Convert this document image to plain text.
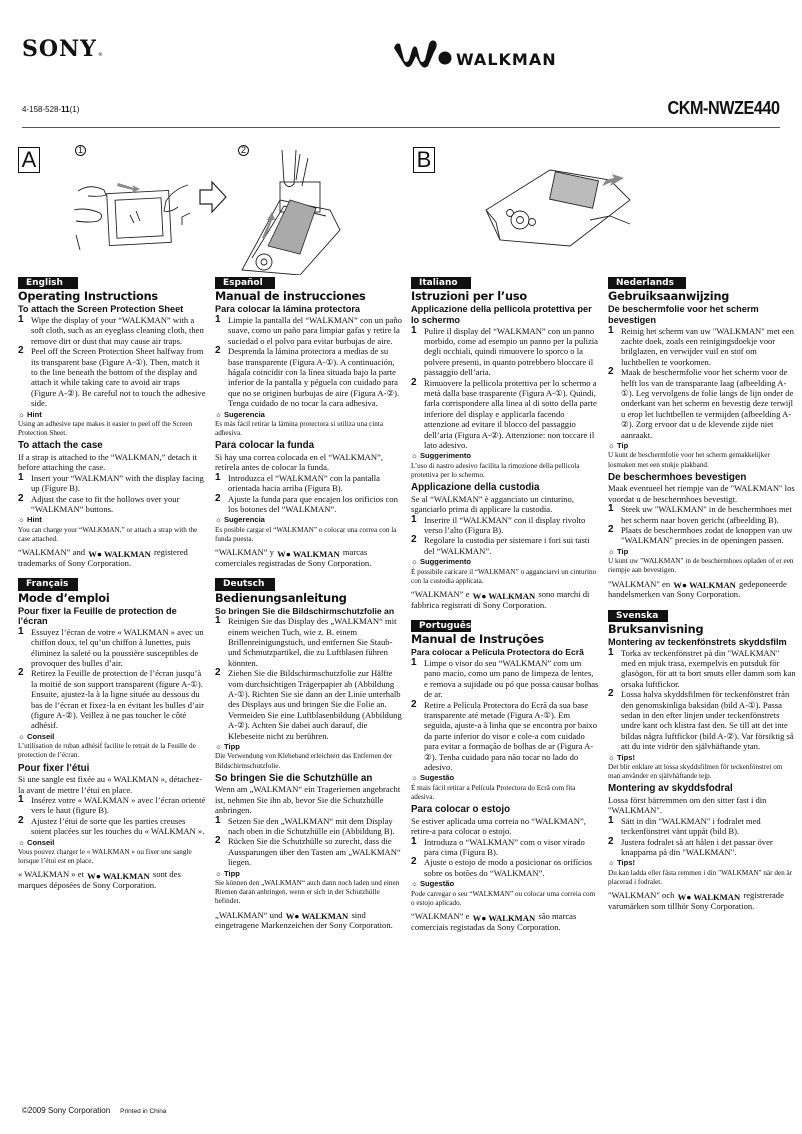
SONY®	WALKMAN
4-158-528-11(1)	CKM-NWZE440
A	1	2	B
English
Operating Instructions
To attach the Screen Protection Sheet
1 Wipe the display of your “WALKMAN” with a soft cloth, such as an eyeglass cleaning cloth, then remove dirt or dust that may cause air traps.
2 Peel off the Screen Protection Sheet halfway from its transparent base (Figure A-①). Then, match it to the line beneath the bottom of the display and attach it while taking care to avoid air traps (Figure A-②). Be careful not to touch the adhesive side.
☼ Hint
Using an adhesive tape makes it easier to peel off the Screen Protection Sheet.
To attach the case
If a strap is attached to the “WALKMAN,” detach it before attaching the case.
1 Insert your “WALKMAN” with the display facing up (Figure B).
2 Adjust the case to fit the hollows over your “WALKMAN” buttons.
☼ Hint
You can charge your “WALKMAN,” or attach a strap with the case attached.
“WALKMAN” and W● WALKMAN registered trademarks of Sony Corporation.
Français
Mode d’emploi
Pour fixer la Feuille de protection de l’écran
1 Essuyez l’écran de votre « WALKMAN » avec un chiffon doux, tel qu’un chiffon à lunettes, puis éliminez la saleté ou la poussière susceptibles de provoquer des bulles d’air.
2 Retirez la Feuille de protection de l’écran jusqu’à la moitié de son support transparent (figure A-①). Ensuite, ajustez-la à la ligne située au dessous du bas de l’écran et fixez-la en évitant les bulles d’air (figure A-②). Veillez à ne pas toucher le côté adhésif.
☼ Conseil
L’utilisation de ruban adhésif facilite le retrait de la Feuille de protection de l’écran.
Pour fixer l’étui
Si une sangle est fixée au « WALKMAN », détachez-la avant de mettre l’étui en place.
1 Insérez votre « WALKMAN » avec l’écran orienté vers le haut (figure B).
2 Ajustez l’étui de sorte que les parties creuses soient placées sur les touches du « WALKMAN ».
☼ Conseil
Vous pouvez charger le « WALKMAN » ou fixer une sangle lorsque l’étui est en place.
« WALKMAN » et W● WALKMAN sont des marques déposées de Sony Corporation.
Español
Manual de instrucciones
Para colocar la lámina protectora
1 Limpie la pantalla del “WALKMAN” con un paño suave, como un paño para limpiar gafas y retire la suciedad o el polvo para evitar burbujas de aire.
2 Desprenda la lámina protectora a medias de su base transparente (Figura A-①). A continuación, hágala coincidir con la línea situada bajo la parte inferior de la pantalla y péguela con cuidado para que no se originen burbujas de aire (Figura A-②). Tenga cuidado de no tocar la cara adhesiva.
☼ Sugerencia
Es más fácil retirar la lámina protectora si utiliza una cinta adhesiva.
Para colocar la funda
Si hay una correa colocada en el “WALKMAN”, retírela antes de colocar la funda.
1 Introduzca el “WALKMAN” con la pantalla orientada hacia arriba (Figura B).
2 Ajuste la funda para que encajen los orificios con los botones del “WALKMAN”.
☼ Sugerencia
Es posible cargar el “WALKMAN” o colocar una correa con la funda puesta.
“WALKMAN” y W● WALKMAN marcas comerciales registradas de Sony Corporation.
Deutsch
Bedienungsanleitung
So bringen Sie die Bildschirmschutzfolie an
1 Reinigen Sie das Display des „WALKMAN“ mit einem weichen Tuch, wie z. B. einem Brillenreinigungstuch, und entfernen Sie Staub- und Schmutzpartikel, die zu Luftblasen führen könnten.
2 Ziehen Sie die Bildschirmschutzfolie zur Hälfte vom durchsichtigen Trägerpapier ab (Abbildung A-①). Richten Sie sie dann an der Linie unterhalb des Displays aus und bringen Sie die Folie an. Vermeiden Sie eine Luftblasenbildung (Abbildung A-②). Achten Sie dabei auch darauf, die Klebeseite nicht zu berühren.
☼ Tipp
Die Verwendung von Klebeband erleichtert das Entfernen der Bildschirmschutzfolie.
So bringen Sie die Schutzhülle an
Wenn am „WALKMAN“ ein Trageriemen angebracht ist, nehmen Sie ihn ab, bevor Sie die Schutzhülle anbringen.
1 Setzen Sie den „WALKMAN“ mit dem Display nach oben in die Schutzhülle ein (Abbildung B).
2 Rücken Sie die Schutzhülle so zurecht, dass die Aussparungen über den Tasten am „WALKMAN“ liegen.
☼ Tipp
Sie können den „WALKMAN“ auch dann noch laden und einen Riemen daran anbringen, wenn er sich in der Schutzhülle befindet.
„WALKMAN“ und W● WALKMAN sind eingetragene Markenzeichen der Sony Corporation.
Italiano
Istruzioni per l’uso
Applicazione della pellicola protettiva per lo schermo
1 Pulire il display del “WALKMAN” con un panno morbido, come ad esempio un panno per la pulizia degli occhiali, quindi rimuovere lo sporco o la polvere presenti, in quanto potrebbero bloccare il passaggio dell’aria.
2 Rimuovere la pellicola protettiva per lo schermo a metà dalla base trasparente (Figura A-①). Quindi, farla corrispondere alla linea al di sotto della parte inferiore del display e applicarla facendo attenzione ad evitare il blocco del passaggio dell’aria (Figura A-②). Attenzione: non toccare il lato adesivo.
☼ Suggerimento
L’uso di nastro adesivo facilita la rimozione della pellicola protettiva per lo schermo.
Applicazione della custodia
Se al “WALKMAN” è agganciato un cinturino, sganciarlo prima di applicare la custodia.
1 Inserire il “WALKMAN” con il display rivolto verso l’alto (Figura B).
2 Regolare la custodia per sistemare i fori sui tasti del “WALKMAN”.
☼ Suggerimento
È possibile caricare il “WALKMAN” o agganciarvi un cinturino con la custodia applicata.
“WALKMAN” e W● WALKMAN sono marchi di fabbrica registrati di Sony Corporation.
Português
Manual de Instruções
Para colocar a Película Protectora do Ecrã
1 Limpe o visor do seu “WALKMAN” com um pano macio, como um pano de limpeza de lentes, e remova a sujidade ou pó que possa causar bolhas de ar.
2 Retire a Película Protectora do Ecrã da sua base transparente até metade (Figura A-①). Em seguida, ajuste-a à linha que se encontra por baixo da parte inferior do visor e cole-a com cuidado para evitar a formação de bolhas de ar (Figura A-②). Tenha cuidado para não tocar no lado do adesivo.
☼ Sugestão
É mais fácil retirar a Película Protectora do Ecrã com fita adesiva.
Para colocar o estojo
Se estiver aplicada uma correia no “WALKMAN”, retire-a para colocar o estojo.
1 Introduza o “WALKMAN” com o visor virado para cima (Figura B).
2 Ajuste o estojo de modo a posicionar os orifícios sobre os botões do “WALKMAN”.
☼ Sugestão
Pode carregar o seu “WALKMAN” ou colocar uma correia com o estojo aplicado.
“WALKMAN” e W● WALKMAN são marcas comerciais registadas da Sony Corporation.
Nederlands
Gebruiksaanwijzing
De beschermfolie voor het scherm bevestigen
1 Reinig het scherm van uw "WALKMAN" met een zachte doek, zoals een reinigingsdoekje voor brilglazen, en verwijder vuil en stof om luchtbellen te voorkomen.
2 Maak de beschermfolie voor het scherm voor de helft los van de transparante laag (afbeelding A-①). Leg vervolgens de folie langs de lijn onder de onderkant van het scherm en bevestig deze terwijl u erop let luchtbellen te vermijden (afbeelding A-②). Zorg ervoor dat u de klevende zijde niet aanraakt.
☼ Tip
U kunt de beschermfolie voor het scherm gemakkelijker losmaken met een stukje plakband.
De beschermhoes bevestigen
Maak eventueel het riempje van de "WALKMAN" los voordat u de beschermhoes bevestigt.
1 Steek uw "WALKMAN" in de beschermhoes met het scherm naar boven gericht (afbeelding B).
2 Plaats de beschermhoes zodat de knoppen van uw "WALKMAN" precies in de openingen passen.
☼ Tip
U kunt uw "WALKMAN" in de beschermhoes opladen of er een riempje aan bevestigen.
"WALKMAN" en W● WALKMAN gedeponeerde handelsmerken van Sony Corporation.
Svenska
Bruksanvisning
Montering av teckenfönstrets skyddsfilm
1 Torka av teckenfönstret på din "WALKMAN" med en mjuk trasa, exempelvis en putsduk för glasögon, för att ta bort smuts eller damm som kan orsaka luftfickor.
2 Lossa halva skyddsfilmen för teckenfönstret från den genomskinliga baksidan (bild A-①). Passa sedan in den efter linjen under teckenfönstrets undre kant och klistra fast den. Se till att det inte bildas några luftfickor (bild A-②). Var försiktig så att du inte vidrör den självhäftande ytan.
☼ Tips!
Det blir enklare att lossa skyddsfilmen för teckenfönstret om man använder en självhäftande tejp.
Montering av skyddsfodral
Lossa först bärremmen om den sitter fast i din "WALKMAN".
1 Sätt in din "WALKMAN" i fodralet med teckenfönstret vänt uppåt (bild B).
2 Justera fodralet så att hålen i det passar över knapparna på din "WALKMAN".
☼ Tips!
Du kan ladda eller fästa remmen i din "WALKMAN" när den är placerad i fodralet.
"WALKMAN" och W● WALKMAN registrerade varumärken som tillhör Sony Corporation.
©2009 Sony Corporation Printed in China
